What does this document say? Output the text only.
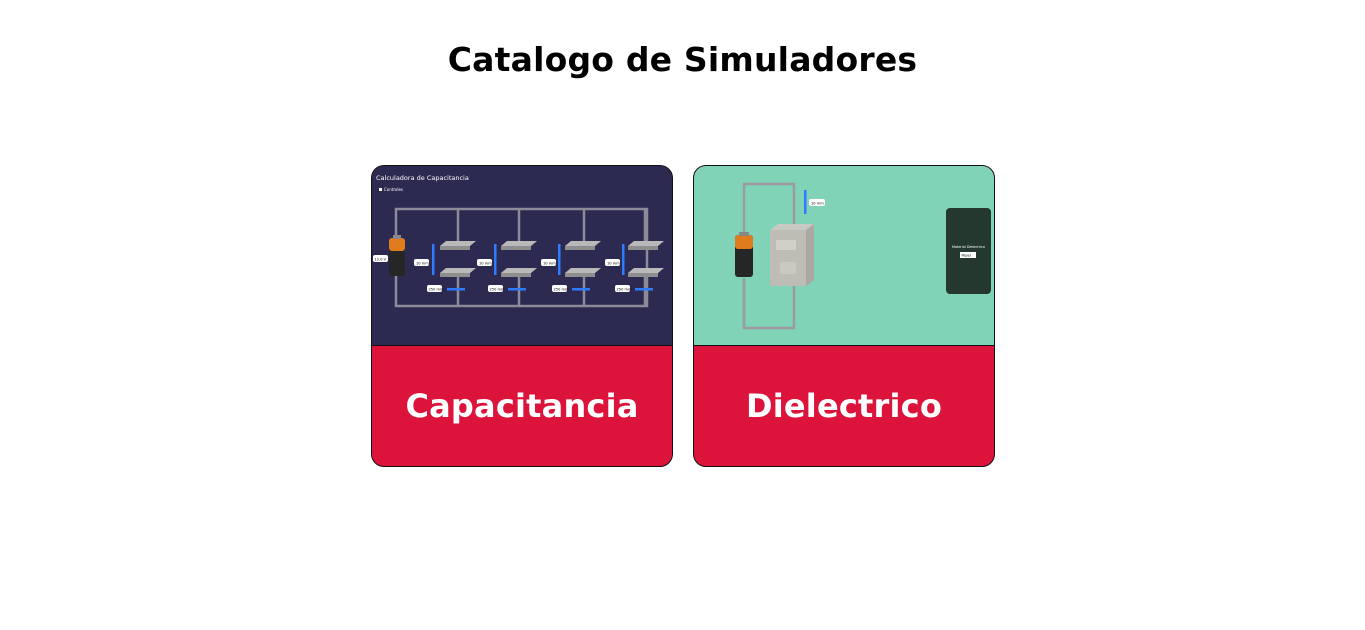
Catalogo de Simuladores
Calculadora de Capacitancia
Controles
12.0 V
10 mm
250 mm
10 mm
250 mm
10 mm
250 mm
10 mm
250 mm
Capacitancia
10 mm
Material Dielectrico
Papel
Dielectrico
